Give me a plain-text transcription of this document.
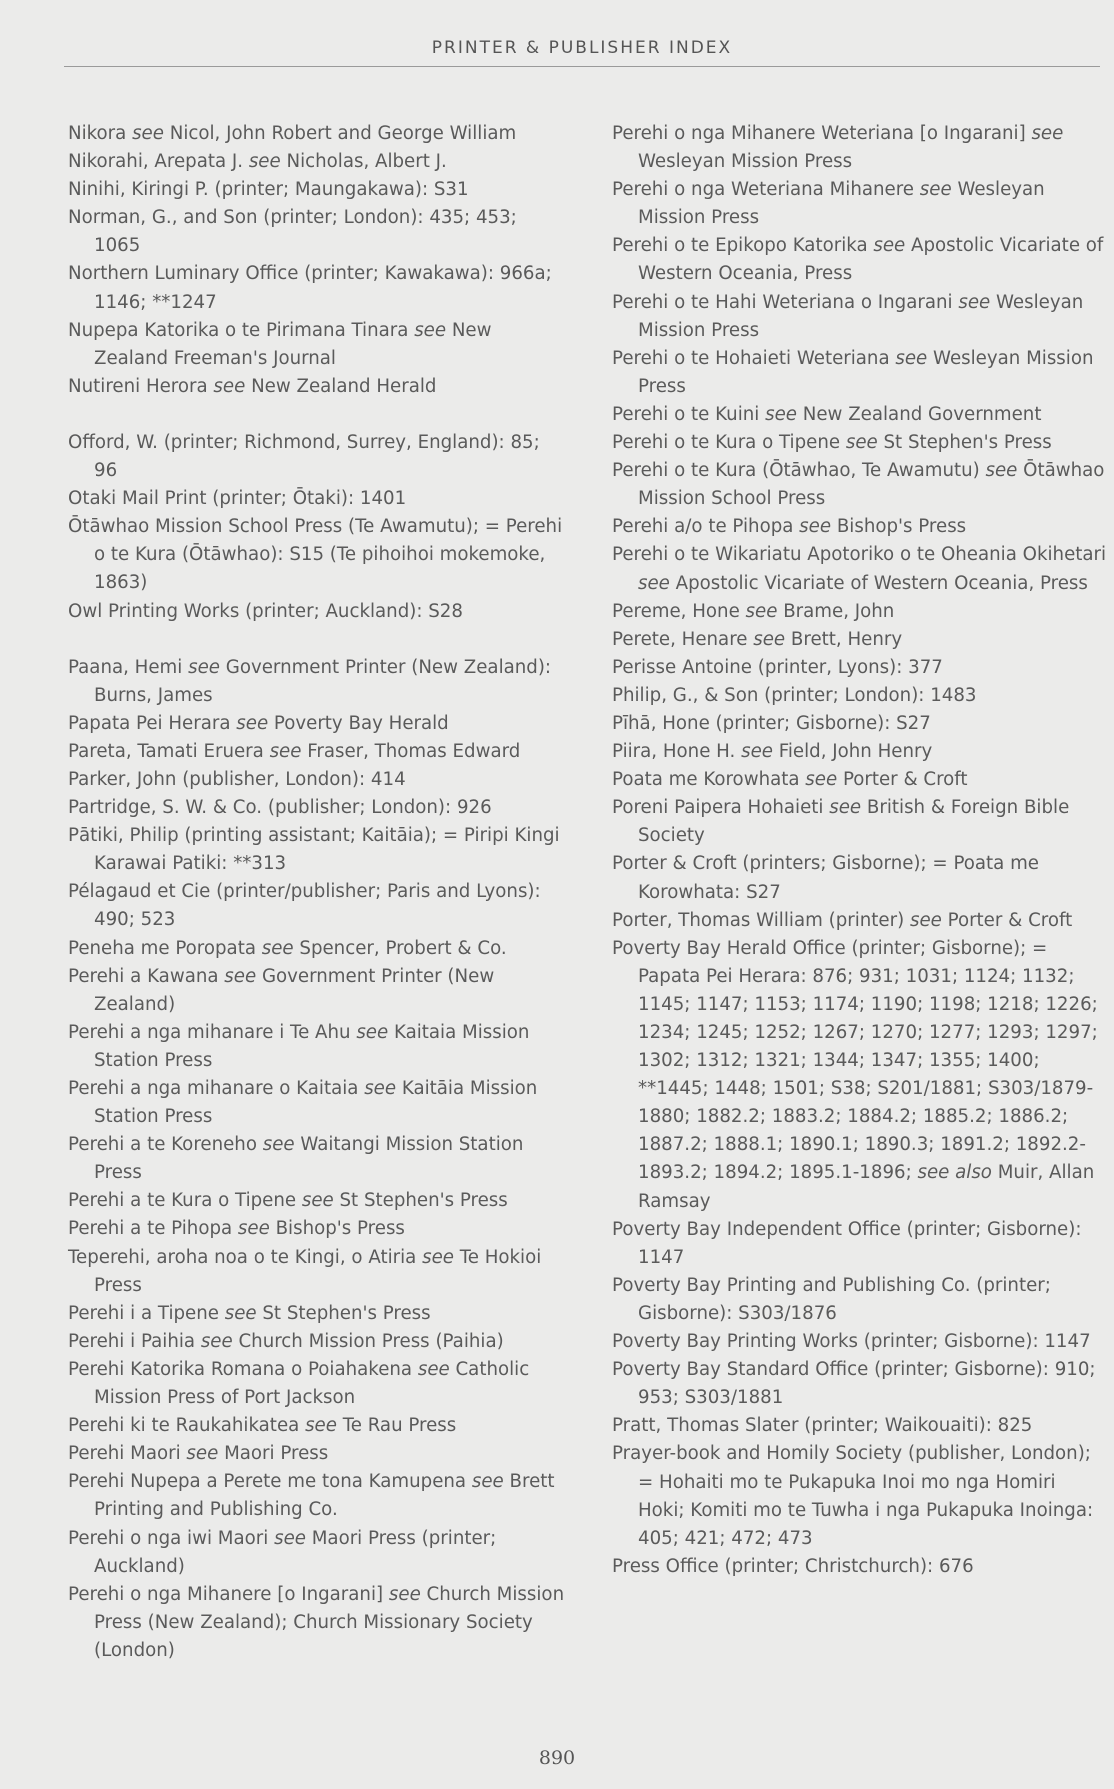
PRINTER & PUBLISHER INDEX

Nikora see Nicol, John Robert and George William

Nikorahi, Arepata J. see Nicholas, Albert J.

Ninihi, Kiringi P. (printer; Maungakawa): S31

Norman, G., and Son (printer; London): 435; 453; 1065

Northern Luminary Office (printer; Kawakawa): 966a; 1146; **1247

Nupepa Katorika o te Pirimana Tinara see New Zealand Freeman's Journal

Nutireni Herora see New Zealand Herald

Offord, W. (printer; Richmond, Surrey, England): 85; 96

Otaki Mail Print (printer; Ōtaki): 1401

Ōtāwhao Mission School Press (Te Awamutu); = Perehi o te Kura (Ōtāwhao): S15 (Te pihoihoi mokemoke, 1863)

Owl Printing Works (printer; Auckland): S28

Paana, Hemi see Government Printer (New Zealand): Burns, James

Papata Pei Herara see Poverty Bay Herald

Pareta, Tamati Eruera see Fraser, Thomas Edward

Parker, John (publisher, London): 414

Partridge, S. W. & Co. (publisher; London): 926

Pātiki, Philip (printing assistant; Kaitāia); = Piripi Kingi Karawai Patiki: **313

Pélagaud et Cie (printer/publisher; Paris and Lyons): 490; 523

Peneha me Poropata see Spencer, Probert & Co.

Perehi a Kawana see Government Printer (New Zealand)

Perehi a nga mihanare i Te Ahu see Kaitaia Mission Station Press

Perehi a nga mihanare o Kaitaia see Kaitāia Mission Station Press

Perehi a te Koreneho see Waitangi Mission Station Press

Perehi a te Kura o Tipene see St Stephen's Press

Perehi a te Pihopa see Bishop's Press

Teperehi, aroha noa o te Kingi, o Atiria see Te Hokioi Press

Perehi i a Tipene see St Stephen's Press

Perehi i Paihia see Church Mission Press (Paihia)

Perehi Katorika Romana o Poiahakena see Catholic Mission Press of Port Jackson

Perehi ki te Raukahikatea see Te Rau Press

Perehi Maori see Maori Press

Perehi Nupepa a Perete me tona Kamupena see Brett Printing and Publishing Co.

Perehi o nga iwi Maori see Maori Press (printer; Auckland)

Perehi o nga Mihanere [o Ingarani] see Church Mission Press (New Zealand); Church Missionary Society (London)

Perehi o nga Mihanere Weteriana [o Ingarani] see Wesleyan Mission Press

Perehi o nga Weteriana Mihanere see Wesleyan Mission Press

Perehi o te Epikopo Katorika see Apostolic Vicariate of Western Oceania, Press

Perehi o te Hahi Weteriana o Ingarani see Wesleyan Mission Press

Perehi o te Hohaieti Weteriana see Wesleyan Mission Press

Perehi o te Kuini see New Zealand Government

Perehi o te Kura o Tipene see St Stephen's Press

Perehi o te Kura (Ōtāwhao, Te Awamutu) see Ōtāwhao Mission School Press

Perehi a/o te Pihopa see Bishop's Press

Perehi o te Wikariatu Apotoriko o te Oheania Okihetari see Apostolic Vicariate of Western Oceania, Press

Pereme, Hone see Brame, John

Perete, Henare see Brett, Henry

Perisse Antoine (printer, Lyons): 377

Philip, G., & Son (printer; London): 1483

Pīhā, Hone (printer; Gisborne): S27

Piira, Hone H. see Field, John Henry

Poata me Korowhata see Porter & Croft

Poreni Paipera Hohaieti see British & Foreign Bible Society

Porter & Croft (printers; Gisborne); = Poata me Korowhata: S27

Porter, Thomas William (printer) see Porter & Croft

Poverty Bay Herald Office (printer; Gisborne); = Papata Pei Herara: 876; 931; 1031; 1124; 1132; 1145; 1147; 1153; 1174; 1190; 1198; 1218; 1226; 1234; 1245; 1252; 1267; 1270; 1277; 1293; 1297; 1302; 1312; 1321; 1344; 1347; 1355; 1400; **1445; 1448; 1501; S38; S201/1881; S303/1879-1880; 1882.2; 1883.2; 1884.2; 1885.2; 1886.2; 1887.2; 1888.1; 1890.1; 1890.3; 1891.2; 1892.2-1893.2; 1894.2; 1895.1-1896; see also Muir, Allan Ramsay

Poverty Bay Independent Office (printer; Gisborne): 1147

Poverty Bay Printing and Publishing Co. (printer; Gisborne): S303/1876

Poverty Bay Printing Works (printer; Gisborne): 1147

Poverty Bay Standard Office (printer; Gisborne): 910; 953; S303/1881

Pratt, Thomas Slater (printer; Waikouaiti): 825

Prayer-book and Homily Society (publisher, London); = Hohaiti mo te Pukapuka Inoi mo nga Homiri Hoki; Komiti mo te Tuwha i nga Pukapuka Inoinga: 405; 421; 472; 473

Press Office (printer; Christchurch): 676

890
